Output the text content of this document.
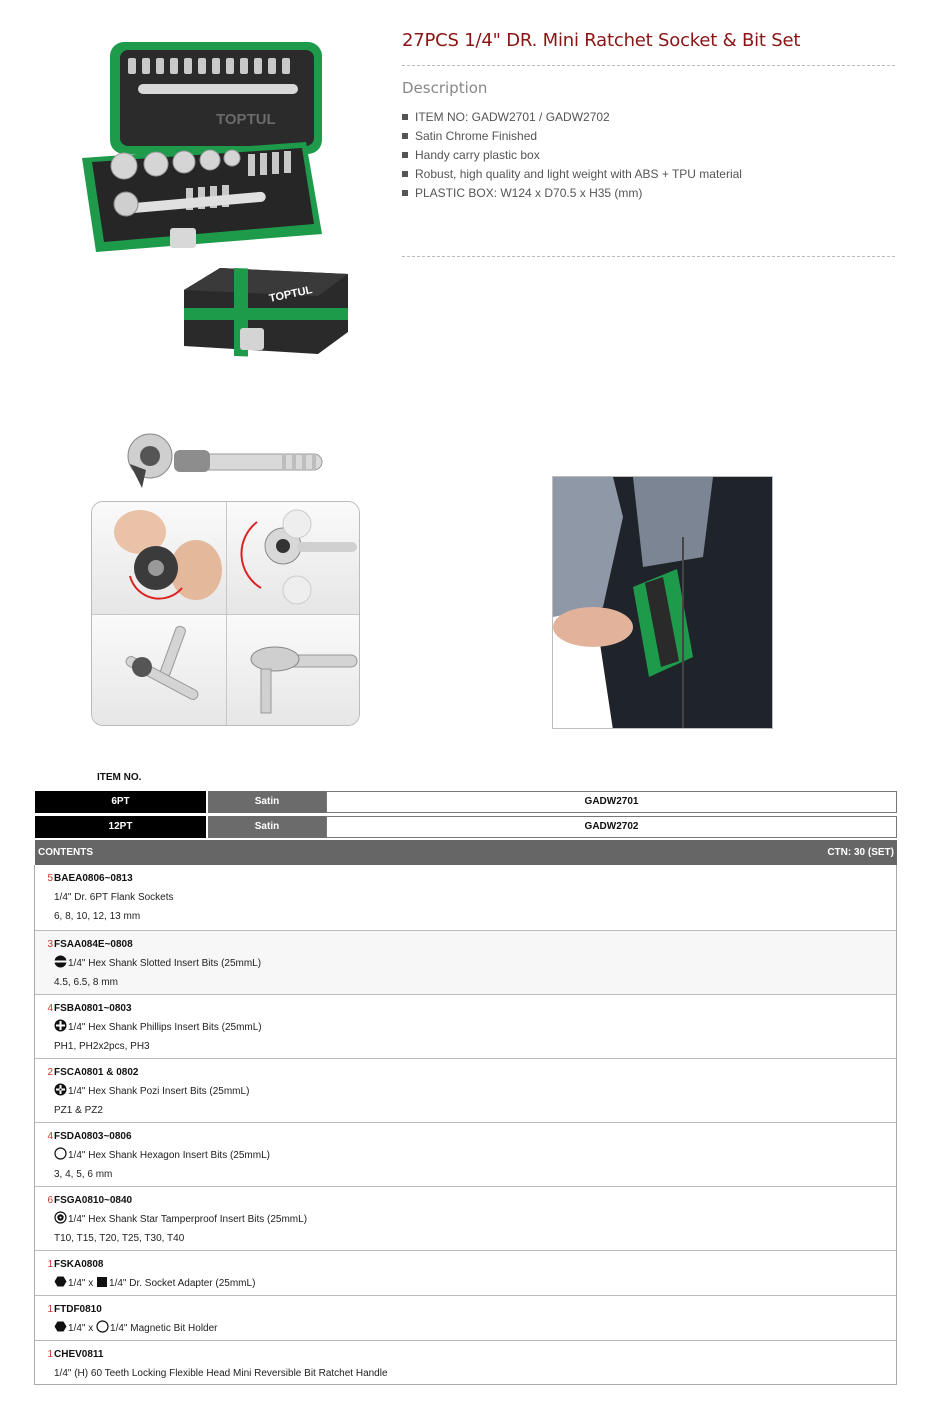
TOPTUL
TOPTUL
27PCS 1/4" DR. Mini Ratchet Socket & Bit Set
Description
ITEM NO: GADW2701 / GADW2702
Satin Chrome Finished
Handy carry plastic box
Robust, high quality and light weight with ABS + TPU material
PLASTIC BOX: W124 x D70.5 x H35 (mm)
ITEM NO.
6PT	Satin	GADW2701
12PT	Satin	GADW2702
CONTENTS	CTN: 30 (SET)
5 BAEA0806~0813
1/4" Dr. 6PT Flank Sockets
6, 8, 10, 12, 13 mm
3 FSAA084E~0808
1/4" Hex Shank Slotted Insert Bits (25mmL)
4.5, 6.5, 8 mm
4 FSBA0801~0803
1/4" Hex Shank Phillips Insert Bits (25mmL)
PH1, PH2x2pcs, PH3
2 FSCA0801 & 0802
1/4" Hex Shank Pozi Insert Bits (25mmL)
PZ1 & PZ2
4 FSDA0803~0806
1/4" Hex Shank Hexagon Insert Bits (25mmL)
3, 4, 5, 6 mm
6 FSGA0810~0840
1/4" Hex Shank Star Tamperproof Insert Bits (25mmL)
T10, T15, T20, T25, T30, T40
1 FSKA0808
1/4" x 1/4" Dr. Socket Adapter (25mmL)
1 FTDF0810
1/4" x 1/4" Magnetic Bit Holder
1 CHEV0811
1/4" (H) 60 Teeth Locking Flexible Head Mini Reversible Bit Ratchet Handle
